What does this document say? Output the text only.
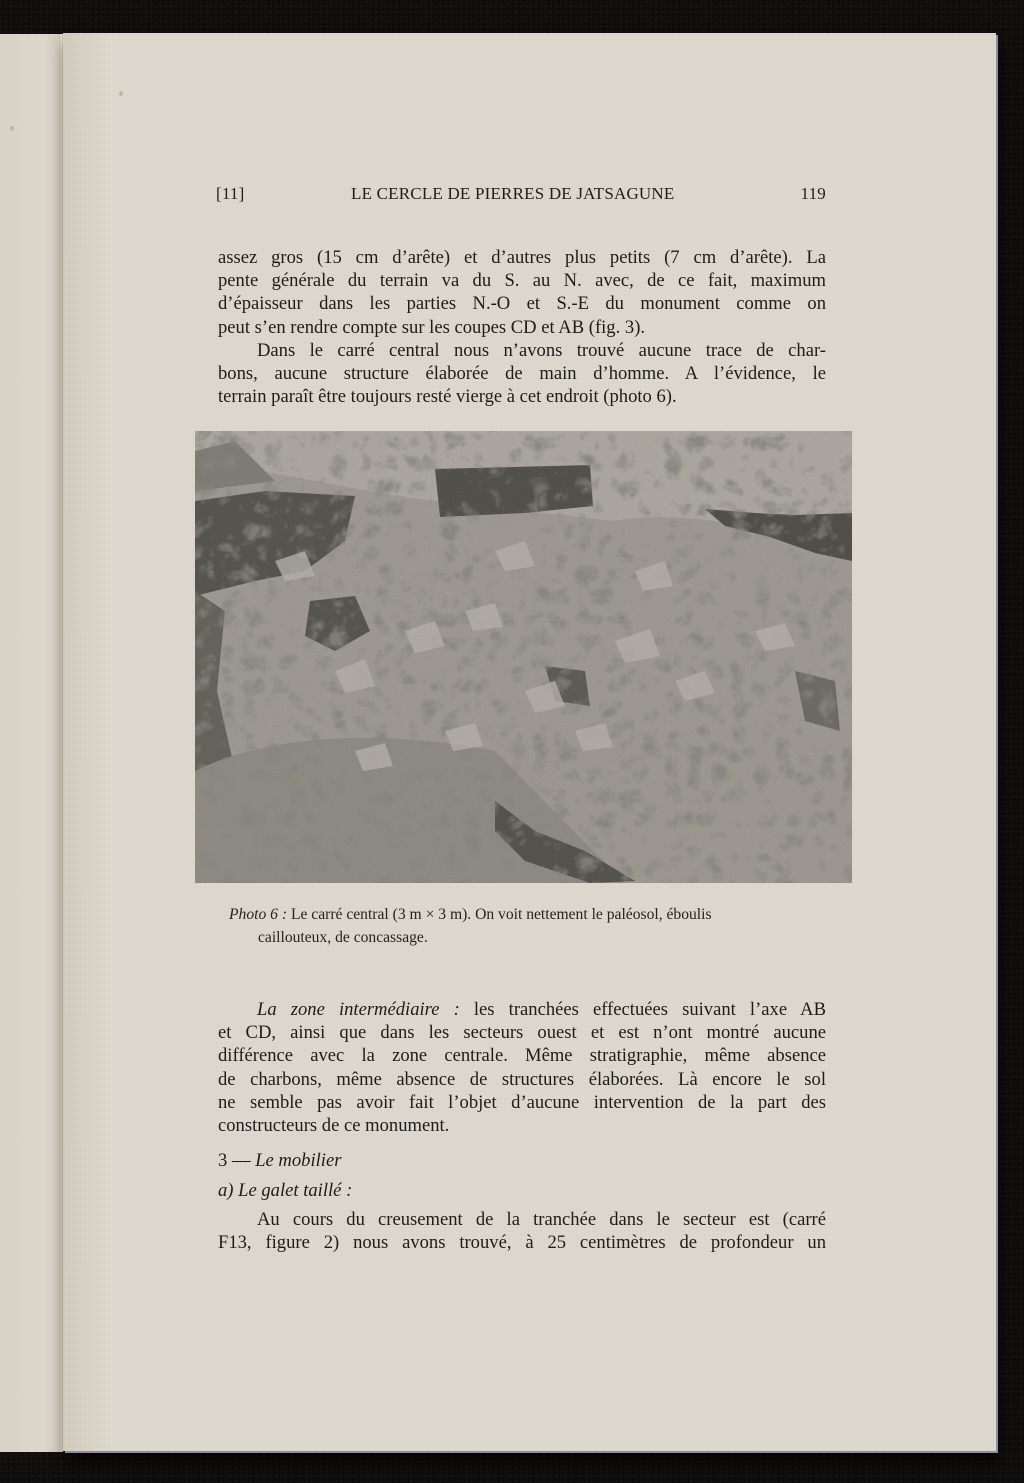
[11]	LE CERCLE DE PIERRES DE JATSAGUNE	119

assez gros (15 cm d’arête) et d’autres plus petits (7 cm d’arête). La

pente générale du terrain va du S. au N. avec, de ce fait, maximum

d’épaisseur dans les parties N.-O et S.-E du monument comme on

peut s’en rendre compte sur les coupes CD et AB (fig. 3).

Dans le carré central nous n’avons trouvé aucune trace de char-

bons, aucune structure élaborée de main d’homme. A l’évidence, le

terrain paraît être toujours resté vierge à cet endroit (photo 6).

Photo 6 : Le carré central (3 m × 3 m). On voit nettement le paléosol, éboulis
caillouteux, de concassage.

La zone intermédiaire : les tranchées effectuées suivant l’axe AB

et CD, ainsi que dans les secteurs ouest et est n’ont montré aucune

différence avec la zone centrale. Même stratigraphie, même absence

de charbons, même absence de structures élaborées. Là encore le sol

ne semble pas avoir fait l’objet d’aucune intervention de la part des

constructeurs de ce monument.

3 — Le mobilier
a) Le galet taillé :

Au cours du creusement de la tranchée dans le secteur est (carré

F13, figure 2) nous avons trouvé, à 25 centimètres de profondeur un
